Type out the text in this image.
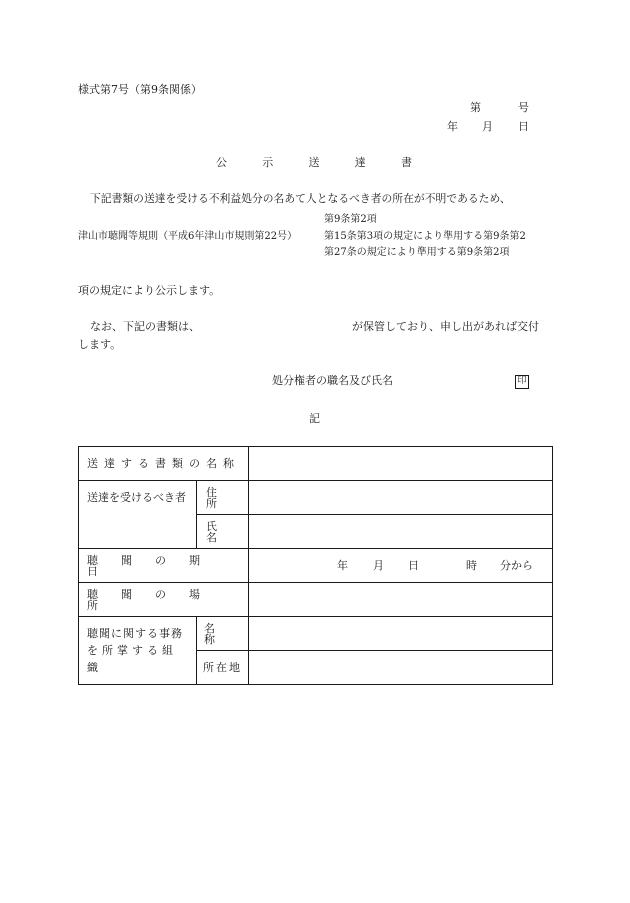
様式第7号（第9条関係）
第	号
年 月 日
公	示	送	達	書
下記書類の送達を受ける不利益処分の名あて人となるべき者の所在が不明であるため、
第9条第2項
津山市聴聞等規則（平成6年津山市規則第22号）	第15条第3項の規定により準用する第9条第2
第27条の規定により準用する第9条第2項
項の規定により公示します。
なお、下記の書類は、	が保管しており、申し出があれば交付
します。
処分権者の職名及び氏名	印
記
送達する書類の名称		

送達を受けるべき者	住所	

	氏名	

聴聞の期日		年 月 日 時 分から

聴聞の場所		

聴聞に関する事務
を所掌する組織	名称	

	所在地	
